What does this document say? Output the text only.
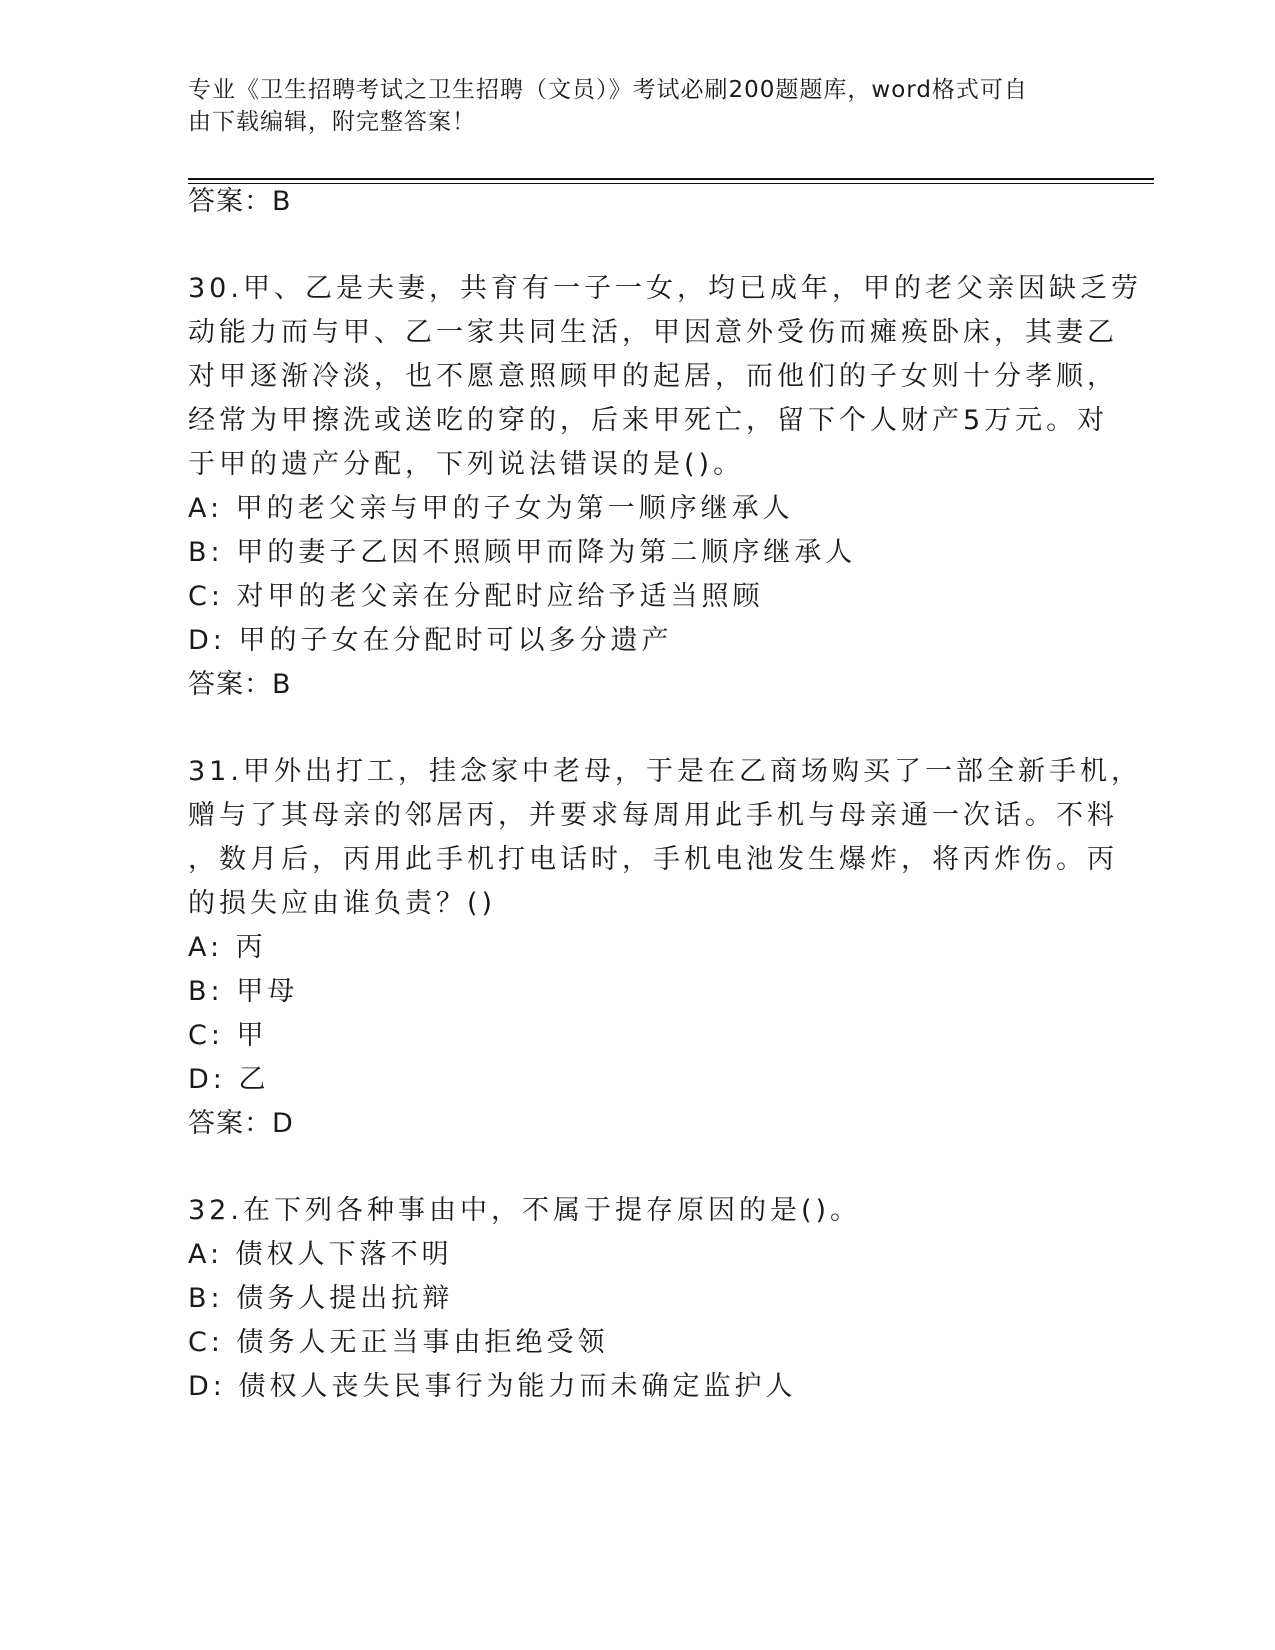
专业《卫生招聘考试之卫生招聘（文员）》考试必刷200题题库，word格式可自
由下载编辑，附完整答案！
答案：B
30.甲、乙是夫妻，共育有一子一女，均已成年，甲的老父亲因缺乏劳
动能力而与甲、乙一家共同生活，甲因意外受伤而瘫痪卧床，其妻乙
对甲逐渐冷淡，也不愿意照顾甲的起居，而他们的子女则十分孝顺，
经常为甲擦洗或送吃的穿的，后来甲死亡，留下个人财产5万元。对
于甲的遗产分配，下列说法错误的是()。
A: 甲的老父亲与甲的子女为第一顺序继承人
B: 甲的妻子乙因不照顾甲而降为第二顺序继承人
C: 对甲的老父亲在分配时应给予适当照顾
D: 甲的子女在分配时可以多分遗产
答案：B
31.甲外出打工，挂念家中老母，于是在乙商场购买了一部全新手机，
赠与了其母亲的邻居丙，并要求每周用此手机与母亲通一次话。不料
，数月后，丙用此手机打电话时，手机电池发生爆炸，将丙炸伤。丙
的损失应由谁负责？()
A: 丙
B: 甲母
C: 甲
D: 乙
答案：D
32.在下列各种事由中，不属于提存原因的是()。
A: 债权人下落不明
B: 债务人提出抗辩
C: 债务人无正当事由拒绝受领
D: 债权人丧失民事行为能力而未确定监护人
